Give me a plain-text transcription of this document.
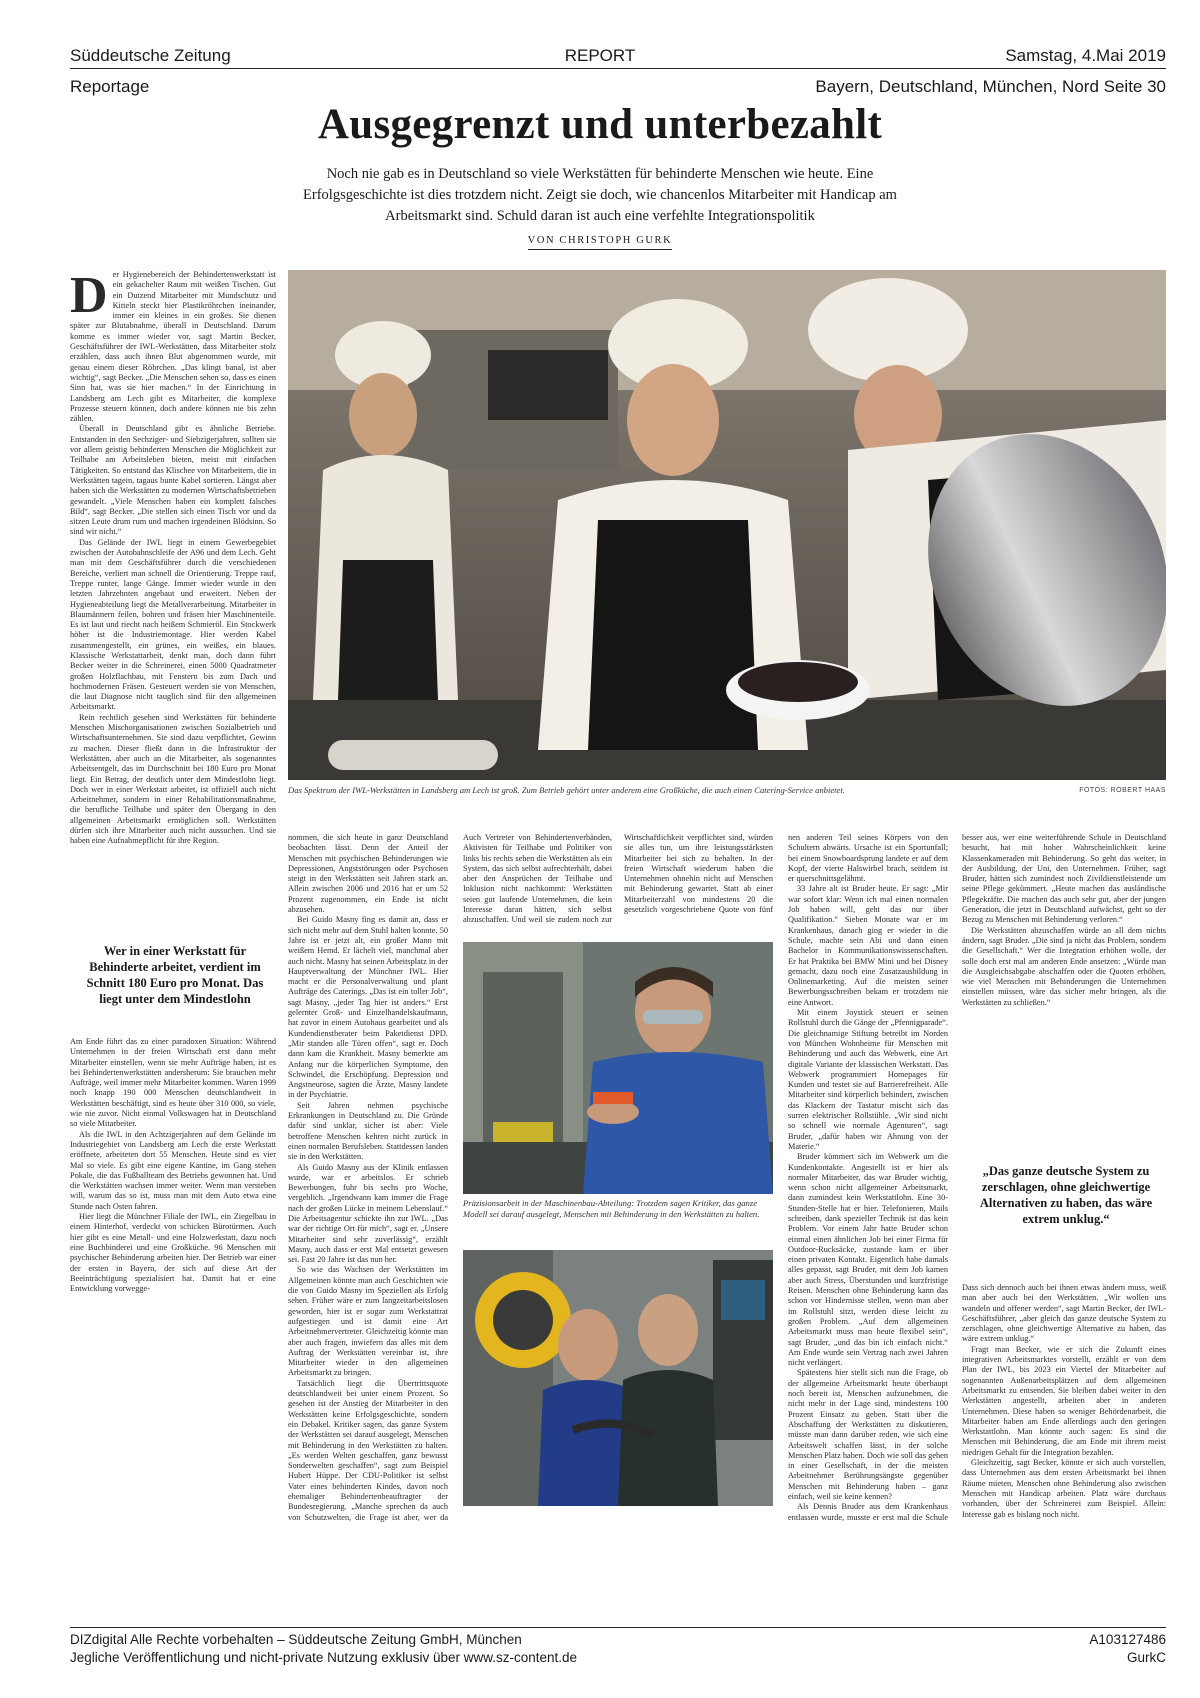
Süddeutsche Zeitung	REPORT	Samstag, 4.Mai 2019
Reportage	Bayern, Deutschland, München, Nord Seite 30
Ausgegrenzt und unterbezahlt
Noch nie gab es in Deutschland so viele Werkstätten für behinderte Menschen wie heute. Eine Erfolgsgeschichte ist dies trotzdem nicht. Zeigt sie doch, wie chancenlos Mitarbeiter mit Handicap am Arbeitsmarkt sind. Schuld daran ist auch eine verfehlte Integrationspolitik
VON CHRISTOPH GURK
Das Spektrum der IWL-Werkstätten in Landsberg am Lech ist groß. Zum Betrieb gehört unter anderem eine Großküche, die auch einen Catering-Service anbietet.	FOTOS: ROBERT HAAS
D er Hygienebereich der Behindertenwerkstatt ist ein gekachelter Raum mit weißen Tischen. Gut ein Dutzend Mitarbeiter mit Mundschutz und Kitteln steckt hier Plastikröhrchen ineinander, immer ein kleines in ein großes. Sie dienen später zur Blutabnahme, überall in Deutschland. Darum komme es immer wieder vor, sagt Martin Becker, Geschäftsführer der IWL-Werkstätten, dass Mitarbeiter stolz erzählen, dass auch ihnen Blut abgenommen wurde, mit genau einem dieser Röhrchen. „Das klingt banal, ist aber wichtig“, sagt Becker. „Die Menschen sehen so, dass es einen Sinn hat, was sie hier machen.“ In der Einrichtung in Landsberg am Lech gibt es Mitarbeiter, die komplexe Prozesse steuern können, doch andere können nie bis zehn zählen.

Überall in Deutschland gibt es ähnliche Betriebe. Entstanden in den Sechziger- und Siebzigerjahren, sollten sie vor allem geistig behinderten Menschen die Möglichkeit zur Teilhabe am Arbeitsleben bieten, meist mit einfachen Tätigkeiten. So entstand das Klischee von Mitarbeitern, die in Werkstätten tagein, tagaus bunte Kabel sortieren. Längst aber haben sich die Werkstätten zu modernen Wirtschaftsbetrieben gewandelt. „Viele Menschen haben ein komplett falsches Bild“, sagt Becker. „Die stellen sich einen Tisch vor und da sitzen Leute drum rum und machen irgendeinen Blödsinn. So sind wir nicht.“

Das Gelände der IWL liegt in einem Gewerbegebiet zwischen der Autobahnschleife der A96 und dem Lech. Geht man mit dem Geschäftsführer durch die verschiedenen Bereiche, verliert man schnell die Orientierung. Treppe rauf, Treppe runter, lange Gänge. Immer wieder wurde in den letzten Jahrzehnten angebaut und erweitert. Neben der Hygieneabteilung liegt die Metallverarbeitung. Mitarbeiter in Blaumännern feilen, bohren und fräsen hier Maschinenteile. Es ist laut und riecht nach heißem Schmieröl. Ein Stockwerk höher ist die Industriemontage. Hier werden Kabel zusammengestellt, ein grünes, ein weißes, ein blaues. Klassische Werkstattarbeit, denkt man, doch dann führt Becker weiter in die Schreinerei, einen 5000 Quadratmeter großen Holzflachbau, mit Fenstern bis zum Dach und hochmodernen Fräsen. Gesteuert werden sie von Menschen, die laut Diagnose nicht tauglich sind für den allgemeinen Arbeitsmarkt.

Rein rechtlich gesehen sind Werkstätten für behinderte Menschen Mischorganisationen zwischen Sozialbetrieb und Wirtschaftsunternehmen. Sie sind dazu verpflichtet, Gewinn zu machen. Dieser fließt dann in die Infrastruktur der Werkstätten, aber auch an die Mitarbeiter, als sogenanntes Arbeitsentgelt, das im Durchschnitt bei 180 Euro pro Monat liegt. Ein Betrag, der deutlich unter dem Mindestlohn liegt. Doch wer in einer Werkstatt arbeitet, ist offiziell auch nicht Arbeitnehmer, sondern in einer Rehabilitationsmaßnahme, die berufliche Teilhabe und später den Übergang in den allgemeinen Arbeitsmarkt ermöglichen soll. Werkstätten dürfen sich ihre Mitarbeiter auch nicht aussuchen. Und sie haben eine Aufnahmepflicht für ihre Region.

Wer in einer Werkstatt für Behinderte arbeitet, verdient im Schnitt 180 Euro pro Monat. Das liegt unter dem Mindestlohn

Am Ende führt das zu einer paradoxen Situation: Während Unternehmen in der freien Wirtschaft erst dann mehr Mitarbeiter einstellen, wenn sie mehr Aufträge haben, ist es bei Behindertenwerkstätten andersherum: Sie brauchen mehr Aufträge, weil immer mehr Mitarbeiter kommen. Waren 1999 noch knapp 190 000 Menschen deutschlandweit in Werkstätten beschäftigt, sind es heute über 310 000, so viele, wie nie zuvor. Nicht einmal Volkswagen hat in Deutschland so viele Mitarbeiter.

Als die IWL in den Achtzigerjahren auf dem Gelände im Industriegebiet von Landsberg am Lech die erste Werkstatt eröffnete, arbeiteten dort 55 Menschen. Heute sind es vier Mal so viele. Es gibt eine eigene Kantine, im Gang stehen Pokale, die das Fußballteam des Betriebs gewonnen hat. Und die Werkstätten wachsen immer weiter. Wenn man versteben will, warum das so ist, muss man mit dem Auto etwa eine Stunde nach Osten fahren.

Hier liegt die Münchner Filiale der IWL, ein Ziegelbau in einem Hinterhof, verdeckt von schicken Bürotürmen. Auch hier gibt es eine Metall- und eine Holzwerkstatt, dazu noch eine Buchbinderei und eine Großküche. 96 Menschen mit psychischer Behinderung arbeiten hier. Der Betrieb war einer der ersten in Bayern, der sich auf diese Art der Beeinträchtigung spezialisiert hat. Damit hat er eine Entwicklung vorwegge-

nommen, die sich heute in ganz Deutschland beobachten lässt. Denn der Anteil der Menschen mit psychischen Behinderungen wie Depressionen, Angststörungen oder Psychosen steigt in den Werkstätten seit Jahren stark an. Allein zwischen 2006 und 2016 hat er um 52 Prozent zugenommen, ein Ende ist nicht abzusehen.

Bei Guido Masny fing es damit an, dass er sich nicht mehr auf dem Stuhl halten konnte. 50 Jahre ist er jetzt alt, ein großer Mann mit weißem Hemd. Er lächelt viel, manchmal aber auch nicht. Masny hat seinen Arbeitsplatz in der Hauptverwaltung der Münchner IWL. Hier macht er die Personalverwaltung und plant Aufträge des Caterings. „Das ist ein toller Job“, sagt Masny, „jeder Tag hier ist anders.“ Erst gelernter Groß- und Einzelhandelskaufmann, hat zuvor in einem Autohaus gearbeitet und als Kundendienstberater beim Paketdienst DPD. „Mir standen alle Türen offen“, sagt er. Doch dann kam die Krankheit. Masny bemerkte am Anfang nur die körperlichen Symptome, den Schwindel, die Erschöpfung. Depression und Angstneurose, sagten die Ärzte, Masny landete in der Psychiatrie.

Seit Jahren nehmen psychische Erkrankungen in Deutschland zu. Die Gründe dafür sind unklar, sicher ist aber: Viele betroffene Menschen kehren nicht zurück in einen normalen Berufsleben. Stattdessen landen sie in den Werkstätten.

Als Guido Masny aus der Klinik entlassen wurde, war er arbeitslos. Er schrieb Bewerbungen, fuhr bis sechs pro Woche, vergeblich. „Irgendwann kam immer die Frage nach der großen Lücke in meinem Lebenslauf.“ Die Arbeitsagentur schickte ihn zur IWL. „Das war der richtige Ort für mich“, sagt er. „Unsere Mitarbeiter sind sehr zuverlässig“, erzählt Masny, auch dass er erst Mal entsetzt gewesen sei. Fast 20 Jahre ist das nun her.

So wie das Wachsen der Werkstätten im Allgemeinen könnte man auch Geschichten wie die von Guido Masny im Speziellen als Erfolg sehen. Früher wäre er zum langzeitarbeitslosen geworden, hier ist er sogar zum Werkstattrat aufgestiegen und ist damit eine Art Arbeitnehmervertreter. Gleichzeitig könnte man aber auch fragen, inwiefern das alles mit dem Auftrag der Werkstätten vereinbar ist, ihre Mitarbeiter wieder in den allgemeinen Arbeitsmarkt zu bringen.

Tatsächlich liegt die Übertrittsquote deutschlandweit bei unter einem Prozent. So gesehen ist der Anstieg der Mitarbeiter in den Werkstätten keine Erfolgsgeschichte, sondern ein Debakel. Kritiker sagen, das ganze System der Werkstätten sei darauf ausgelegt, Menschen mit Behinderung in den Werkstätten zu halten. „Es werden Welten geschaffen, ganz bewusst Sonderwelten geschaffen“, sagt zum Beispiel Hubert Hüppe. Der CDU-Politiker ist selbst Vater eines behinderten Kindes, davon noch ehemaliger Behindertenbeauftragter der Bundesregierung. „Manche sprechen da auch von Schutzwelten, die Frage ist aber, wer da

Auch Vertreter von Behindertenverbänden, Aktivisten für Teilhabe und Politiker von links bis rechts sehen die Werkstätten als ein System, das sich selbst aufrechterhält, dabei aber den Ansprüchen der Teilhabe und Inklusion nicht nachkommt: Werkstätten seien gut laufende Unternehmen, die kein Interesse daran hätten, sich selbst abzuschaffen. Und weil sie zudem noch zur Wirtschaftlichkeit verpflichtet sind, würden sie alles tun, um ihre leistungsstärksten Mitarbeiter bei sich zu behalten. In der freien Wirtschaft wiederum haben die Unternehmen ohnehin nicht auf Menschen mit Behinderung gewartet. Statt ab einer Mitarbeiterzahl von mindestens 20 die gesetzlich vorgeschriebene Quote von fünf

Präzisionsarbeit in der Maschinenbau-Abteilung: Trotzdem sagen Kritiker, das ganze Modell sei darauf ausgelegt, Menschen mit Behinderung in den Werkstätten zu halten.

nen anderen Teil seines Körpers von den Schultern abwärts. Ursache ist ein Sportunfall; bei einem Snowboardsprung landete er auf dem Kopf, der vierte Halswirbel brach, seitdem ist er querschnittsgelähmt.

33 Jahre alt ist Bruder heute. Er sagt: „Mir war sofort klar: Wenn ich mal einen normalen Job haben will, geht das nur über Qualifikation.“ Sieben Monate war er im Krankenhaus, danach ging er wieder in die Schule, machte sein Abi und dann einen Bachelor in Kommunikationswissenschaften. Er hat Praktika bei BMW Mini und bei Disney gemacht, dazu noch eine Zusatzausbildung in Onlinemarketing. Auf die meisten seiner Bewerbungsschreiben bekam er trotzdem nie eine Antwort.

Mit einem Joystick steuert er seinen Rollstuhl durch die Gänge der „Pfennigparade“. Die gleichnamige Stiftung betreibt im Norden von München Wohnheime für Menschen mit Behinderung und auch das Webwerk, eine Art digitale Variante der klassischen Werkstatt. Das Webwerk programmiert Homepages für Kunden und testet sie auf Barrierefreiheit. Alle Mitarbeiter sind körperlich behindert, zwischen das Klackern der Tastatur mischt sich das surren elektrischer Rollstühle. „Wir sind nicht so schnell wie normale Agenturen“, sagt Bruder, „dafür haben wir Ahnung von der Materie.“

Bruder kümmert sich im Webwerk um die Kundenkontakte. Angestellt ist er hier als normaler Mitarbeiter, das war Bruder wichtig, wenn schon nicht allgemeiner Arbeitsmarkt, dann zumindest kein Werkstattlohn. Eine 30-Stunden-Stelle hat er hier. Telefonieren, Mails schreiben, dank spezieller Technik ist das kein Problem. Vor einem Jahr hatte Bruder schon einmal einen ähnlichen Job bei einer Firma für Outdoor-Rucksäcke, zustande kam er über einen privaten Kontakt. Eigentlich habe damals alles gepasst, sagt Bruder, mit dem Job kamen aber auch Stress, Überstunden und kurzfristige Reisen. Menschen ohne Behinderung kann das schon vor Hindernisse stellen, wenn man aber im Rollstuhl sitzt, werden diese leicht zu großen Problem. „Auf dem allgemeinen Arbeitsmarkt muss man heute flexibel sein“, sagt Bruder, „und das bin ich einfach nicht.“ Am Ende wurde sein Vertrag nach zwei Jahren nicht verlängert.

Spätestens hier stellt sich nun die Frage, ob der allgemeine Arbeitsmarkt heute überhaupt noch bereit ist, Menschen aufzunehmen, die nicht mehr in der Lage sind, mindestens 100 Prozent Einsatz zu geben. Statt über die Abschaffung der Werkstätten zu diskutieren, müsste man dann darüber reden, wie sich eine Arbeitswelt schaffen lässt, in der solche Menschen Platz haben. Doch wie soll das gehen in einer Gesellschaft, in der die meisten Arbeitnehmer Berührungsängste gegenüber Menschen mit Behinderung haben – ganz einfach, weil sie keine kennen?

Als Dennis Bruder aus dem Krankenhaus entlassen wurde, musste er erst mal die Schule

besser aus, wer eine weiterführende Schule in Deutschland besucht, hat mit hoher Wahrscheinlichkeit keine Klassenkameraden mit Behinderung. So geht das weiter, in der Ausbildung, der Uni, den Unternehmen. Früher, sagt Bruder, hätten sich zumindest noch Zivildienstleistende um seine Pflege gekümmert. „Heute machen das ausländische Pflegekräfte. Die machen das auch sehr gut, aber der jungen Generation, die jetzt in Deutschland aufwächst, geht so der Bezug zu Menschen mit Behinderung verloren.“

Die Werkstätten abzuschaffen würde an all dem nichts ändern, sagt Bruder. „Die sind ja nicht das Problem, sondern die Gesellschaft.“ Wer die Integration erhöhen wolle, der solle doch erst mal am anderen Ende ansetzen: „Würde man die Ausgleichsabgabe abschaffen oder die Quoten erhöhen, wie viel Menschen mit Behinderungen die Unternehmen einstellen müssen, wäre das sicher mehr bringen, als die Werkstätten zu schließen.“

„Das ganze deutsche System zu zerschlagen, ohne gleichwertige Alternativen zu haben, das wäre extrem unklug.“

Dass sich dennoch auch bei ihnen etwas ändern muss, weiß man aber auch bei den Werkstätten. „Wir wollen uns wandeln und offener werden“, sagt Martin Becker, der IWL-Geschäftsführer, „aber gleich das ganze deutsche System zu zerschlagen, ohne gleichwertige Alternative zu haben, das wäre extrem unklug.“

Fragt man Becker, wie er sich die Zukunft eines integrativen Arbeitsmarktes vorstellt, erzählt er von dem Plan der IWL, bis 2023 ein Viertel der Mitarbeiter auf sogenannten Außenarbeitsplätzen auf dem allgemeinen Arbeitsmarkt zu entsenden. Sie bleiben dabei weiter in den Werkstätten angestellt, arbeiten aber in anderen Unternehmen. Diese haben so weniger Behördenarbeit, die Mitarbeiter haben am Ende allerdings auch den geringen Werkstattlohn. Man könnte auch sagen: Es sind die Menschen mit Behinderung, die am Ende mit ihrem meist niedrigen Gehalt für die Integration bezahlen.

Gleichzeitig, sagt Becker, könnte er sich auch vorstellen, dass Unternehmen aus dem ersten Arbeitsmarkt bei ihnen Räume mieten, Menschen ohne Behinderung also zwischen Menschen mit Handicap arbeiten. Platz wäre durchaus vorhanden, über der Schreinerei zum Beispiel. Allein: Interesse gab es bislang noch nicht.

DIZdigital Alle Rechte vorbehalten – Süddeutsche Zeitung GmbH, München
Jegliche Veröffentlichung und nicht-private Nutzung exklusiv über www.sz-content.de
A103127486
GurkC
